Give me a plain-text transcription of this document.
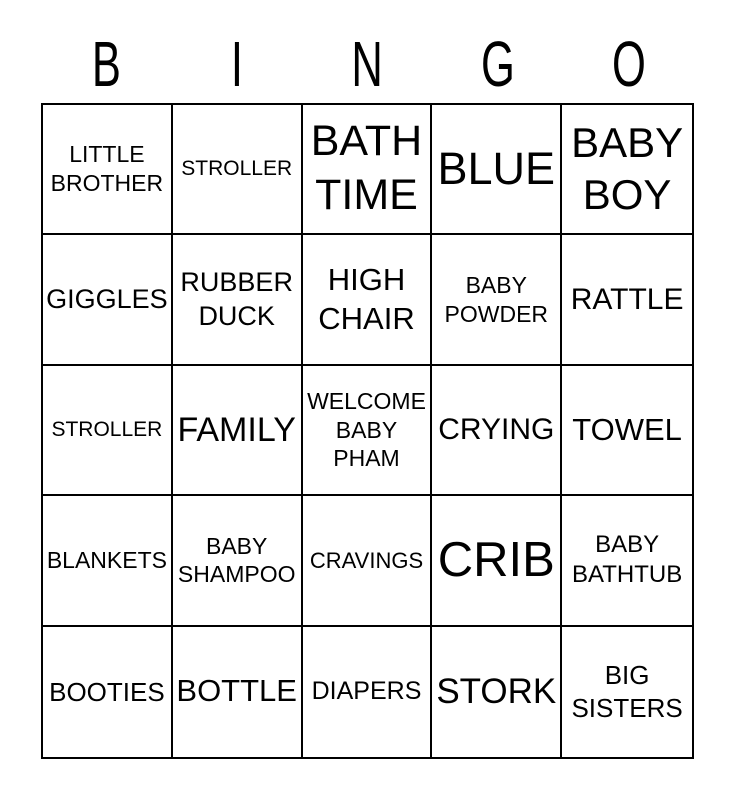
B I N G O
LITTLE BROTHER
STROLLER
BATH TIME
BLUE
BABY BOY
GIGGLES
RUBBER DUCK
HIGH CHAIR
BABY POWDER RATTLE
STROLLER FAMILY
WELCOME BABY PHAM
CRYING TOWEL
BLANKETS
BABY SHAMPOO
CRAVINGS CRIB	BABY BATHTUB
BOOTIES BOTTLE DIAPERS STORK	BIG SISTERS
